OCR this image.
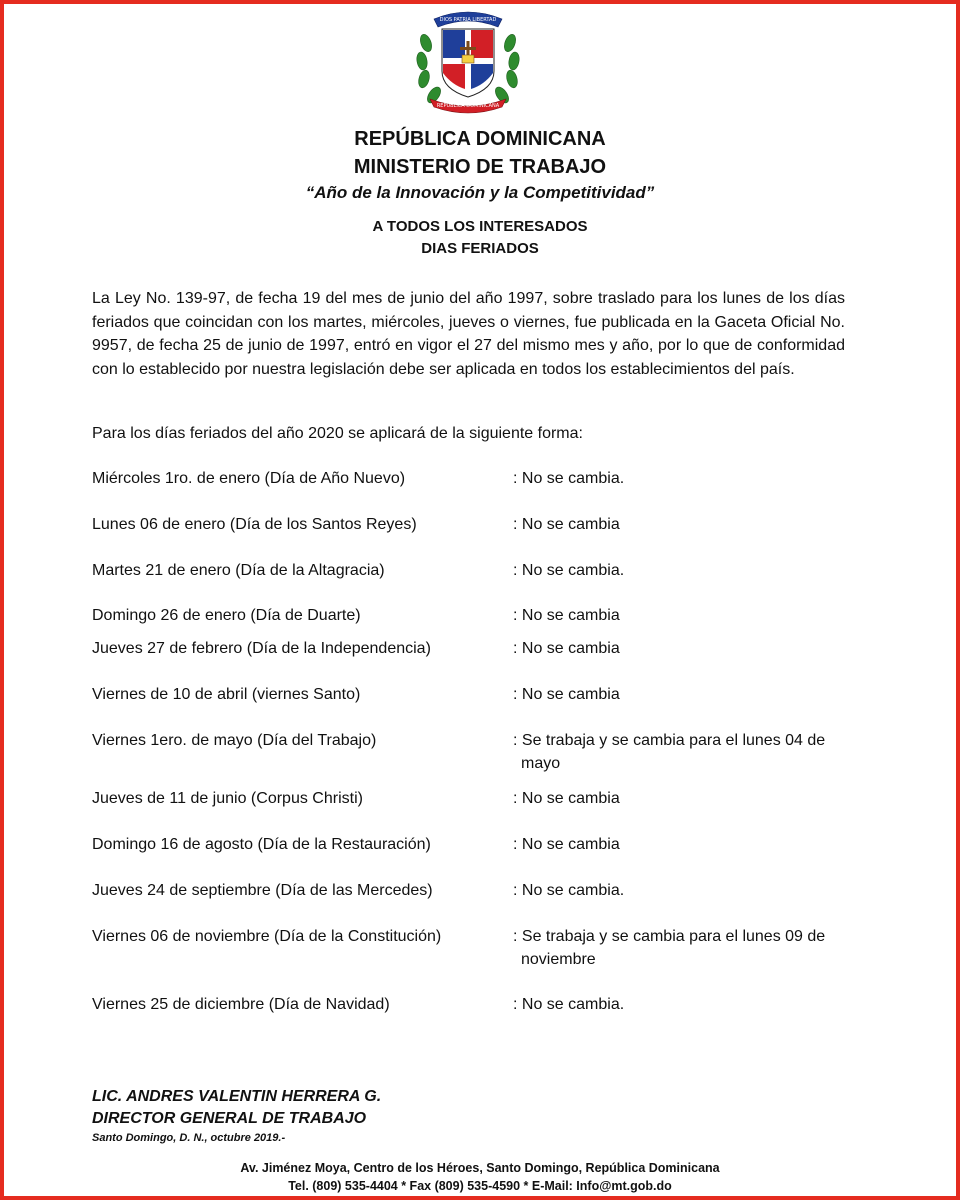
DIOS PATRIA LIBERTAD
REPUBLICA DOMINICANA
REPÚBLICA DOMINICANA
MINISTERIO DE TRABAJO
“Año de la Innovación y la Competitividad”
A TODOS LOS INTERESADOS
DIAS FERIADOS

La Ley No. 139-97, de fecha 19 del mes de junio del año 1997, sobre traslado para los lunes de los días feriados que coincidan con los martes, miércoles, jueves o viernes, fue publicada en la Gaceta Oficial No. 9957, de fecha 25 de junio de 1997, entró en vigor el 27 del mismo mes y año, por lo que de conformidad con lo establecido por nuestra legislación debe ser aplicada en todos los establecimientos del país.

Para los días feriados del año 2020 se aplicará de la siguiente forma:
Miércoles 1ro. de enero (Día de Año Nuevo)	: No se cambia.
Lunes 06 de enero (Día de los Santos Reyes)	: No se cambia
Martes 21 de enero (Día de la Altagracia)	: No se cambia.
Domingo 26 de enero (Día de Duarte)	: No se cambia
Jueves 27 de febrero (Día de la Independencia)	: No se cambia
Viernes de 10 de abril (viernes Santo)	: No se cambia
Viernes 1ero. de mayo (Día del Trabajo)	: Se trabaja y se cambia para el lunes 04 de
mayo
Jueves de 11 de junio (Corpus Christi)	: No se cambia
Domingo 16 de agosto (Día de la Restauración)	: No se cambia
Jueves 24 de septiembre (Día de las Mercedes)	: No se cambia.
Viernes 06 de noviembre (Día de la Constitución)	: Se trabaja y se cambia para el lunes 09 de
noviembre
Viernes 25 de diciembre (Día de Navidad)	: No se cambia.
LIC. ANDRES VALENTIN HERRERA G.
DIRECTOR GENERAL DE TRABAJO
Santo Domingo, D. N., octubre 2019.-
Av. Jiménez Moya, Centro de los Héroes, Santo Domingo, República Dominicana
Tel. (809) 535-4404 * Fax (809) 535-4590 * E-Mail: Info@mt.gob.do
